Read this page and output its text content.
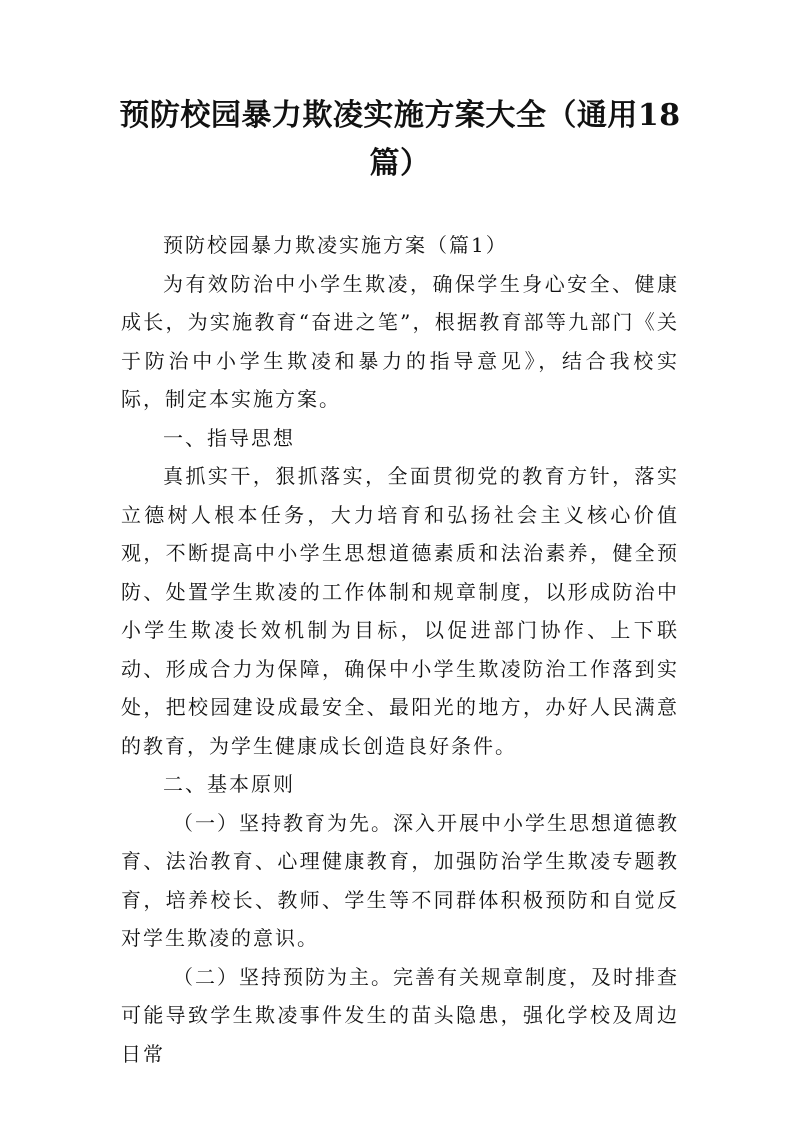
预防校园暴力欺凌实施方案大全（通用18篇）

预防校园暴力欺凌实施方案（篇1）

为有效防治中小学生欺凌，确保学生身心安全、健康成长，为实施教育“奋进之笔”，根据教育部等九部门《关于防治中小学生欺凌和暴力的指导意见》，结合我校实际，制定本实施方案。

一、指导思想

真抓实干，狠抓落实，全面贯彻党的教育方针，落实立德树人根本任务，大力培育和弘扬社会主义核心价值观，不断提高中小学生思想道德素质和法治素养，健全预防、处置学生欺凌的工作体制和规章制度，以形成防治中小学生欺凌长效机制为目标，以促进部门协作、上下联动、形成合力为保障，确保中小学生欺凌防治工作落到实处，把校园建设成最安全、最阳光的地方，办好人民满意的教育，为学生健康成长创造良好条件。

二、基本原则

（一）坚持教育为先。深入开展中小学生思想道德教育、法治教育、心理健康教育，加强防治学生欺凌专题教育，培养校长、教师、学生等不同群体积极预防和自觉反对学生欺凌的意识。

（二）坚持预防为主。完善有关规章制度，及时排查可能导致学生欺凌事件发生的苗头隐患，强化学校及周边日常
